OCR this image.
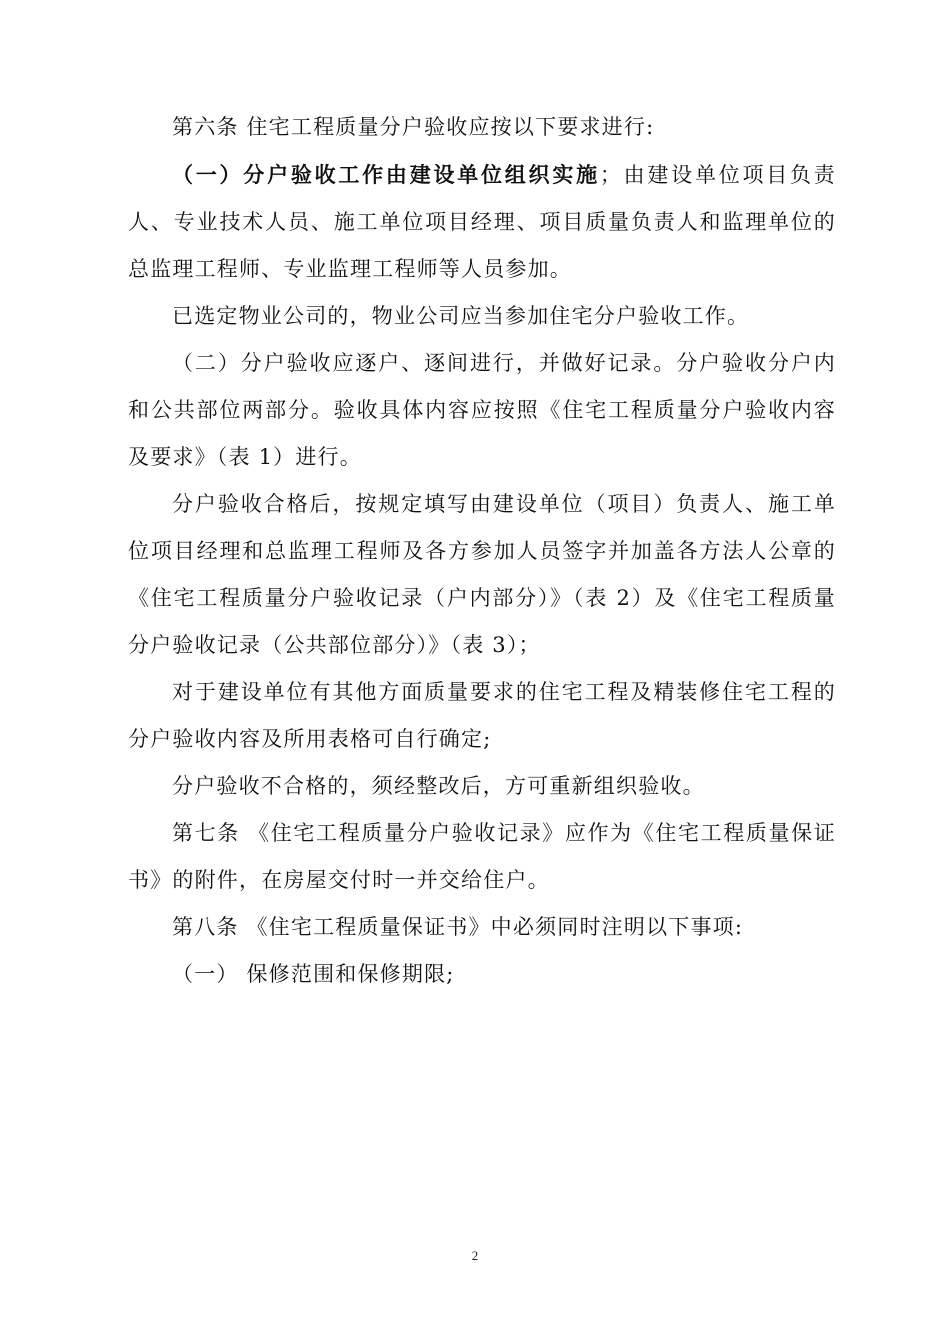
第六条 住宅工程质量分户验收应按以下要求进行:

（一）分户验收工作由建设单位组织实施；由建设单位项目负责人、专业技术人员、施工单位项目经理、项目质量负责人和监理单位的总监理工程师、专业监理工程师等人员参加。

已选定物业公司的，物业公司应当参加住宅分户验收工作。

（二）分户验收应逐户、逐间进行，并做好记录。分户验收分户内和公共部位两部分。验收具体内容应按照《住宅工程质量分户验收内容及要求》（表 1）进行。

分户验收合格后，按规定填写由建设单位（项目）负责人、施工单位项目经理和总监理工程师及各方参加人员签字并加盖各方法人公章的《住宅工程质量分户验收记录（户内部分）》（表 2）及《住宅工程质量分户验收记录（公共部位部分）》（表 3）；

对于建设单位有其他方面质量要求的住宅工程及精装修住宅工程的分户验收内容及所用表格可自行确定;

分户验收不合格的，须经整改后，方可重新组织验收。

第七条 《住宅工程质量分户验收记录》应作为《住宅工程质量保证书》的附件，在房屋交付时一并交给住户。

第八条 《住宅工程质量保证书》中必须同时注明以下事项:

（一） 保修范围和保修期限;

2
